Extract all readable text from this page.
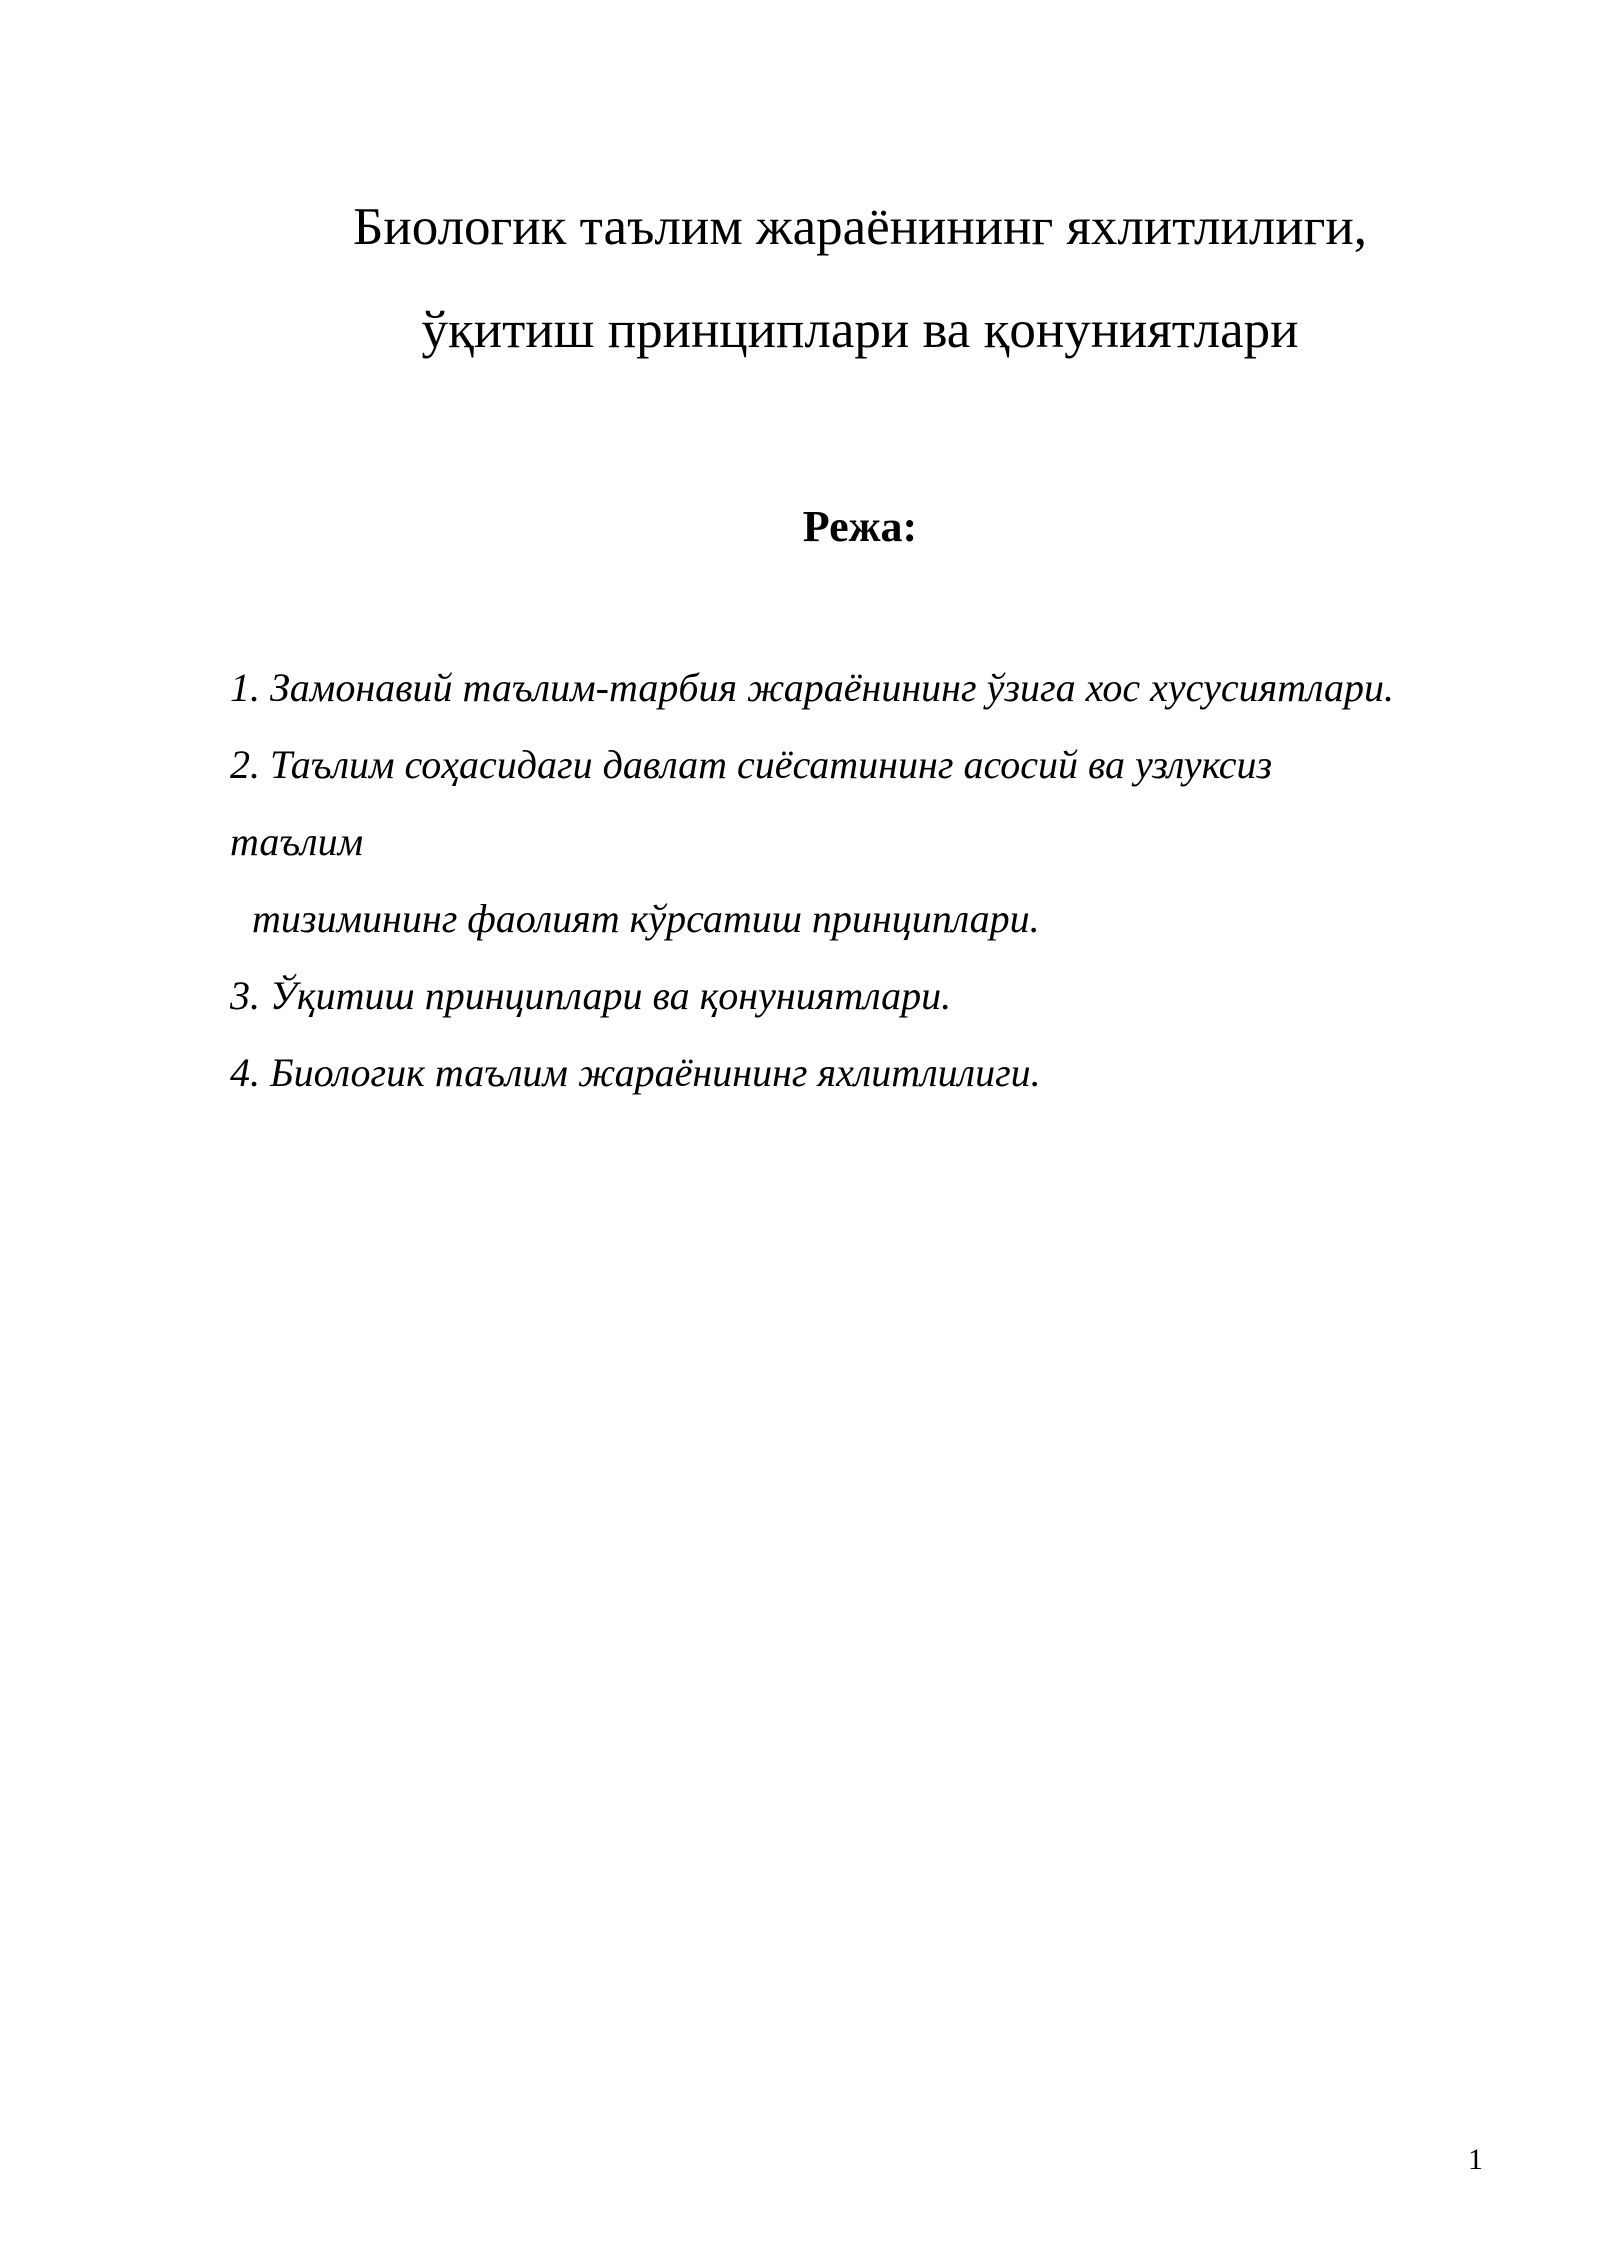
Биологик таълим жараёнининг яхлитлилиги,
ўқитиш принциплари ва қонуниятлари
Режа:

1. Замонавий таълим-тарбия жараёнининг ўзига хос хусусиятлари.

2. Таълим соҳасидаги давлат сиёсатининг асосий ва узлуксиз

таълим

тизимининг фаолият кўрсатиш принциплари.

3. Ўқитиш принциплари ва қонуниятлари.

4. Биологик таълим жараёнининг яхлитлилиги.

1
